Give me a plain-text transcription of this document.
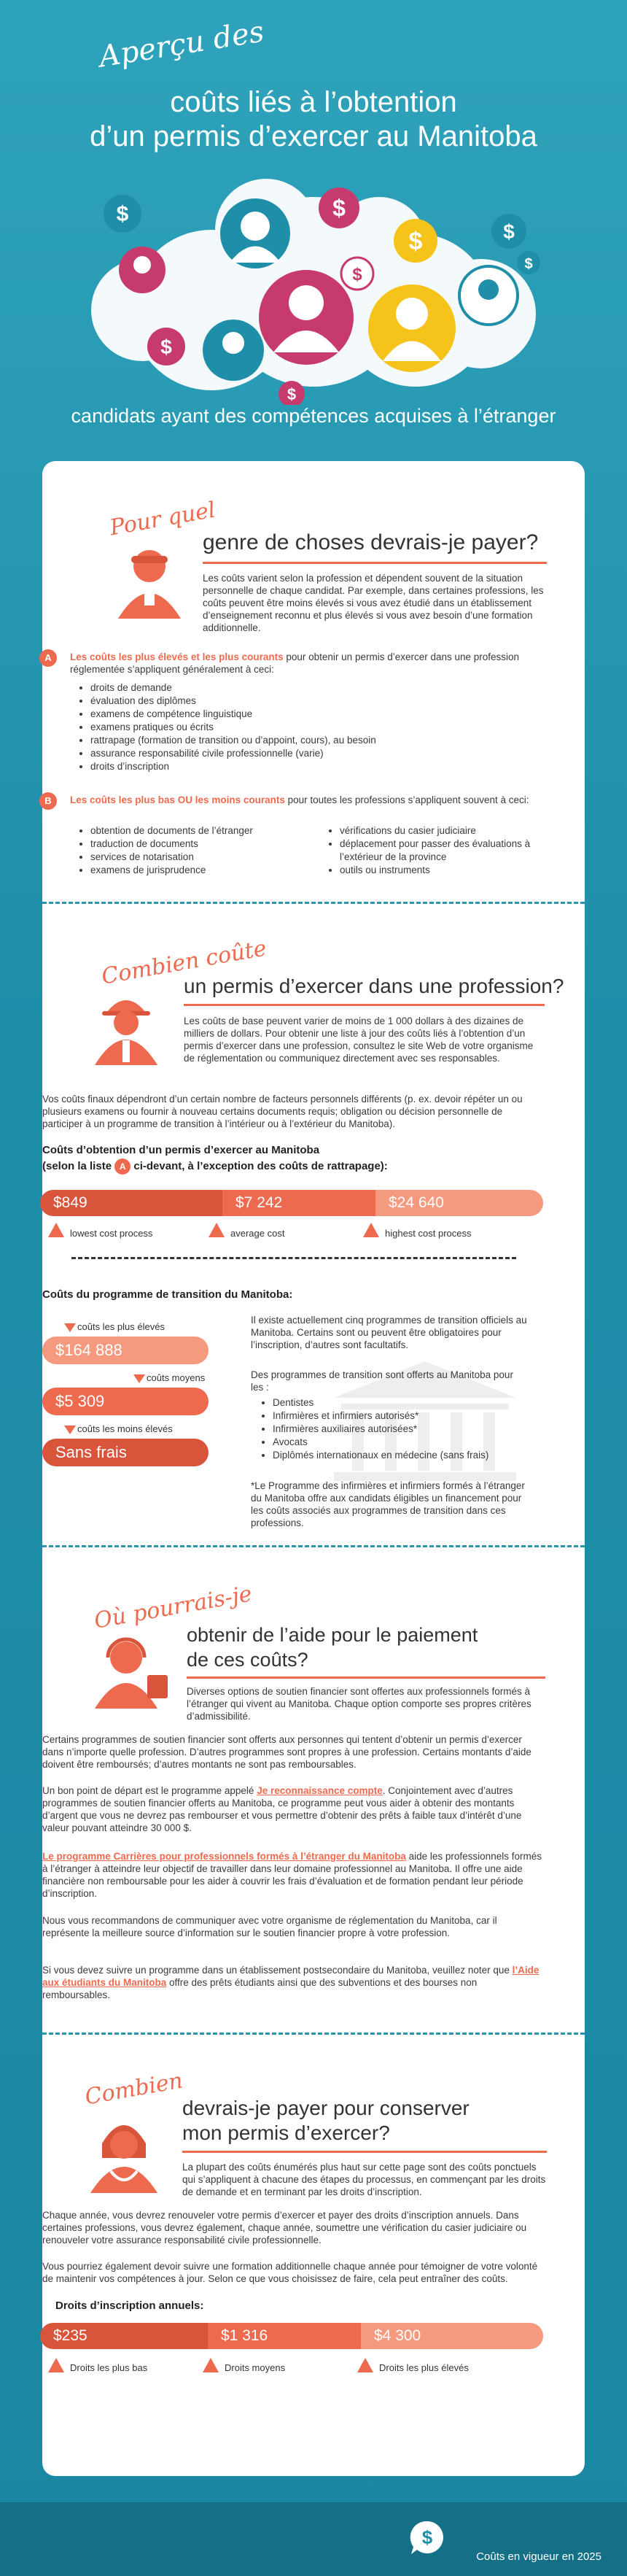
Aperçu des
coûts liés à l’obtention
d’un permis d’exercer au Manitoba
$	$
$	$
$
$
$
$
candidats ayant des compétences acquises à l’étranger
Pour quel
genre de choses devrais-je payer?
Les coûts varient selon la profession et dépendent souvent de la situation personnelle de chaque candidat. Par exemple, dans certaines professions, les coûts peuvent être moins élevés si vous avez étudié dans un établissement d’enseignement reconnu et plus élevés si vous avez besoin d’une formation additionnelle.
A	Les coûts les plus élevés et les plus courants pour obtenir un permis d’exercer dans une profession réglementée s’appliquent généralement à ceci:
• droits de demande
• évaluation des diplômes
• examens de compétence linguistique
• examens pratiques ou écrits
• rattrapage (formation de transition ou d’appoint, cours), au besoin
• assurance responsabilité civile professionnelle (varie)
• droits d’inscription
B	Les coûts les plus bas OU les moins courants pour toutes les professions s’appliquent souvent à ceci:
• obtention de documents de l’étranger
• traduction de documents
• services de notarisation
• examens de jurisprudence
• vérifications du casier judiciaire
• déplacement pour passer des évaluations à l’extérieur de la province
• outils ou instruments
Combien coûte
un permis d’exercer dans une profession?
Les coûts de base peuvent varier de moins de 1 000 dollars à des dizaines de milliers de dollars. Pour obtenir une liste à jour des coûts liés à l’obtention d’un permis d’exercer dans une profession, consultez le site Web de votre organisme de réglementation ou communiquez directement avec ses responsables.
Vos coûts finaux dépendront d’un certain nombre de facteurs personnels différents (p. ex. devoir répéter un ou plusieurs examens ou fournir à nouveau certains documents requis; obligation ou décision personnelle de participer à un programme de transition à l’intérieur ou à l’extérieur du Manitoba).
Coûts d’obtention d’un permis d’exercer au Manitoba
(selon la liste A ci-devant, à l’exception des coûts de rattrapage):
$849	$7 242	$24 640
lowest cost process	average cost	highest cost process
Coûts du programme de transition du Manitoba:
coûts les plus élevés
$164 888
coûts moyens
$5 309
coûts les moins élevés
Sans frais
Il existe actuellement cinq programmes de transition officiels au Manitoba. Certains sont ou peuvent être obligatoires pour l’inscription, d’autres sont facultatifs.
Des programmes de transition sont offerts au Manitoba pour les :
• Dentistes
• Infirmières et infirmiers autorisés*
• Infirmières auxiliaires autorisées*
• Avocats
• Diplômés internationaux en médecine (sans frais)
*Le Programme des infirmières et infirmiers formés à l’étranger du Manitoba offre aux candidats éligibles un financement pour les coûts associés aux programmes de transition dans ces professions.
Où pourrais-je
obtenir de l’aide pour le paiement
de ces coûts?
Diverses options de soutien financier sont offertes aux professionnels formés à l’étranger qui vivent au Manitoba. Chaque option comporte ses propres critères d’admissibilité.
Certains programmes de soutien financier sont offerts aux personnes qui tentent d’obtenir un permis d’exercer dans n’importe quelle profession. D’autres programmes sont propres à une profession. Certains montants d’aide doivent être remboursés; d’autres montants ne sont pas remboursables.
Un bon point de départ est le programme appelé Je reconnaissance compte. Conjointement avec d’autres programmes de soutien financier offerts au Manitoba, ce programme peut vous aider à obtenir des montants d’argent que vous ne devrez pas rembourser et vous permettre d’obtenir des prêts à faible taux d’intérêt d’une valeur pouvant atteindre 30 000 $.
Le programme Carrières pour professionnels formés à l’étranger du Manitoba aide les professionnels formés à l’étranger à atteindre leur objectif de travailler dans leur domaine professionnel au Manitoba. Il offre une aide financière non remboursable pour les aider à couvrir les frais d’évaluation et de formation pendant leur période d’inscription.
Nous vous recommandons de communiquer avec votre organisme de réglementation du Manitoba, car il représente la meilleure source d’information sur le soutien financier propre à votre profession.
Si vous devez suivre un programme dans un établissement postsecondaire du Manitoba, veuillez noter que l’Aide aux étudiants du Manitoba offre des prêts étudiants ainsi que des subventions et des bourses non remboursables.
Combien
devrais-je payer pour conserver
mon permis d’exercer?
La plupart des coûts énumérés plus haut sur cette page sont des coûts ponctuels qui s’appliquent à chacune des étapes du processus, en commençant par les droits de demande et en terminant par les droits d’inscription.
Chaque année, vous devrez renouveler votre permis d’exercer et payer des droits d’inscription annuels. Dans certaines professions, vous devrez également, chaque année, soumettre une vérification du casier judiciaire ou renouveler votre assurance responsabilité civile professionnelle.
Vous pourriez également devoir suivre une formation additionnelle chaque année pour témoigner de votre volonté de maintenir vos compétences à jour. Selon ce que vous choisissez de faire, cela peut entraîner des coûts.
Droits d’inscription annuels:
$235	$1 316	$4 300
Droits les plus bas	Droits moyens	Droits les plus élevés
$
Coûts en vigueur en 2025
